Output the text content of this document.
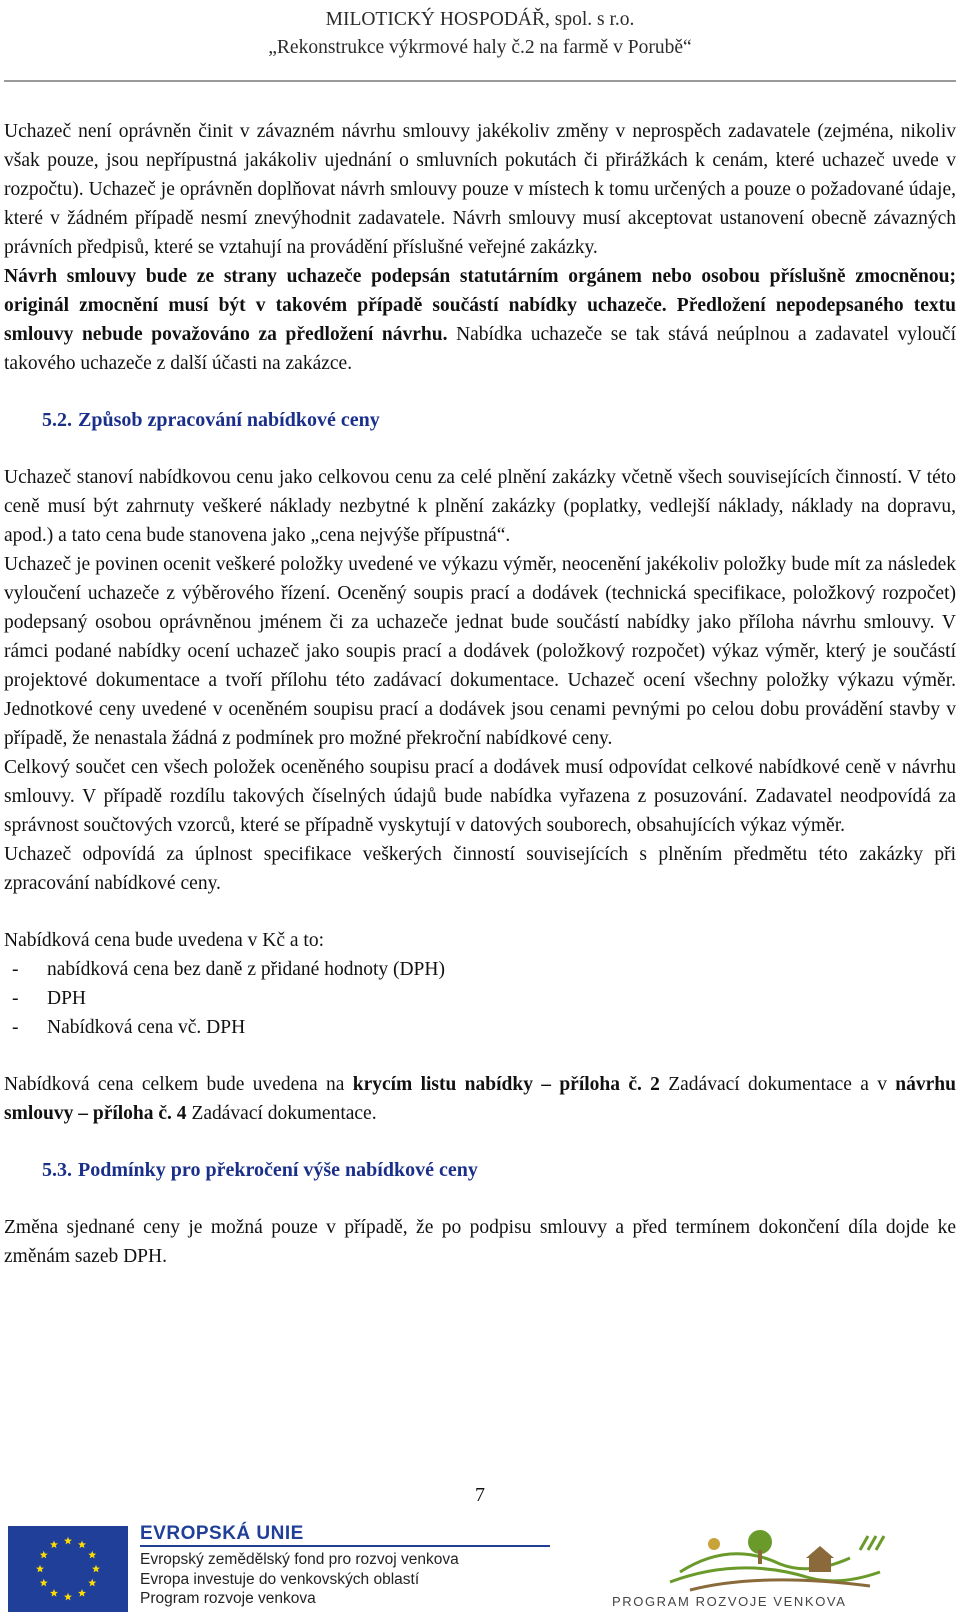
MILOTICKÝ HOSPODÁŘ, spol. s r.o.
„Rekonstrukce výkrmové haly č.2 na farmě v Porubě“

Uchazeč není oprávněn činit v závazném návrhu smlouvy jakékoliv změny v neprospěch zadavatele (zejména, nikoliv však pouze, jsou nepřípustná jakákoliv ujednání o smluvních pokutách či přirážkách k cenám, které uchazeč uvede v rozpočtu). Uchazeč je oprávněn doplňovat návrh smlouvy pouze v místech k tomu určených a pouze o požadované údaje, které v žádném případě nesmí znevýhodnit zadavatele. Návrh smlouvy musí akceptovat ustanovení obecně závazných právních předpisů, které se vztahují na provádění příslušné veřejné zakázky.

Návrh smlouvy bude ze strany uchazeče podepsán statutárním orgánem nebo osobou příslušně zmocněnou; originál zmocnění musí být v takovém případě součástí nabídky uchazeče. Předložení nepodepsaného textu smlouvy nebude považováno za předložení návrhu. Nabídka uchazeče se tak stává neúplnou a zadavatel vyloučí takového uchazeče z další účasti na zakázce.

5.2. Způsob zpracování nabídkové ceny

Uchazeč stanoví nabídkovou cenu jako celkovou cenu za celé plnění zakázky včetně všech souvisejících činností. V této ceně musí být zahrnuty veškeré náklady nezbytné k plnění zakázky (poplatky, vedlejší náklady, náklady na dopravu, apod.) a tato cena bude stanovena jako „cena nejvýše přípustná“.

Uchazeč je povinen ocenit veškeré položky uvedené ve výkazu výměr, neocenění jakékoliv položky bude mít za následek vyloučení uchazeče z výběrového řízení. Oceněný soupis prací a dodávek (technická specifikace, položkový rozpočet) podepsaný osobou oprávněnou jménem či za uchazeče jednat bude součástí nabídky jako příloha návrhu smlouvy. V rámci podané nabídky ocení uchazeč jako soupis prací a dodávek (položkový rozpočet) výkaz výměr, který je součástí projektové dokumentace a tvoří přílohu této zadávací dokumentace. Uchazeč ocení všechny položky výkazu výměr. Jednotkové ceny uvedené v oceněném soupisu prací a dodávek jsou cenami pevnými po celou dobu provádění stavby v případě, že nenastala žádná z podmínek pro možné překroční nabídkové ceny.

Celkový součet cen všech položek oceněného soupisu prací a dodávek musí odpovídat celkové nabídkové ceně v návrhu smlouvy. V případě rozdílu takových číselných údajů bude nabídka vyřazena z posuzování. Zadavatel neodpovídá za správnost součtových vzorců, které se případně vyskytují v datových souborech, obsahujících výkaz výměr.

Uchazeč odpovídá za úplnost specifikace veškerých činností souvisejících s plněním předmětu této zakázky při zpracování nabídkové ceny.

Nabídková cena bude uvedena v Kč a to:

- nabídková cena bez daně z přidané hodnoty (DPH)
- DPH
- Nabídková cena vč. DPH

Nabídková cena celkem bude uvedena na krycím listu nabídky – příloha č. 2 Zadávací dokumentace a v návrhu smlouvy – příloha č. 4 Zadávací dokumentace.

5.3. Podmínky pro překročení výše nabídkové ceny

Změna sjednané ceny je možná pouze v případě, že po podpisu smlouvy a před termínem dokončení díla dojde ke změnám sazeb DPH.

7
EVROPSKÁ UNIE
Evropský zemědělský fond pro rozvoj venkova
Evropa investuje do venkovských oblastí
Program rozvoje venkova	PROGRAM ROZVOJE VENKOVA
